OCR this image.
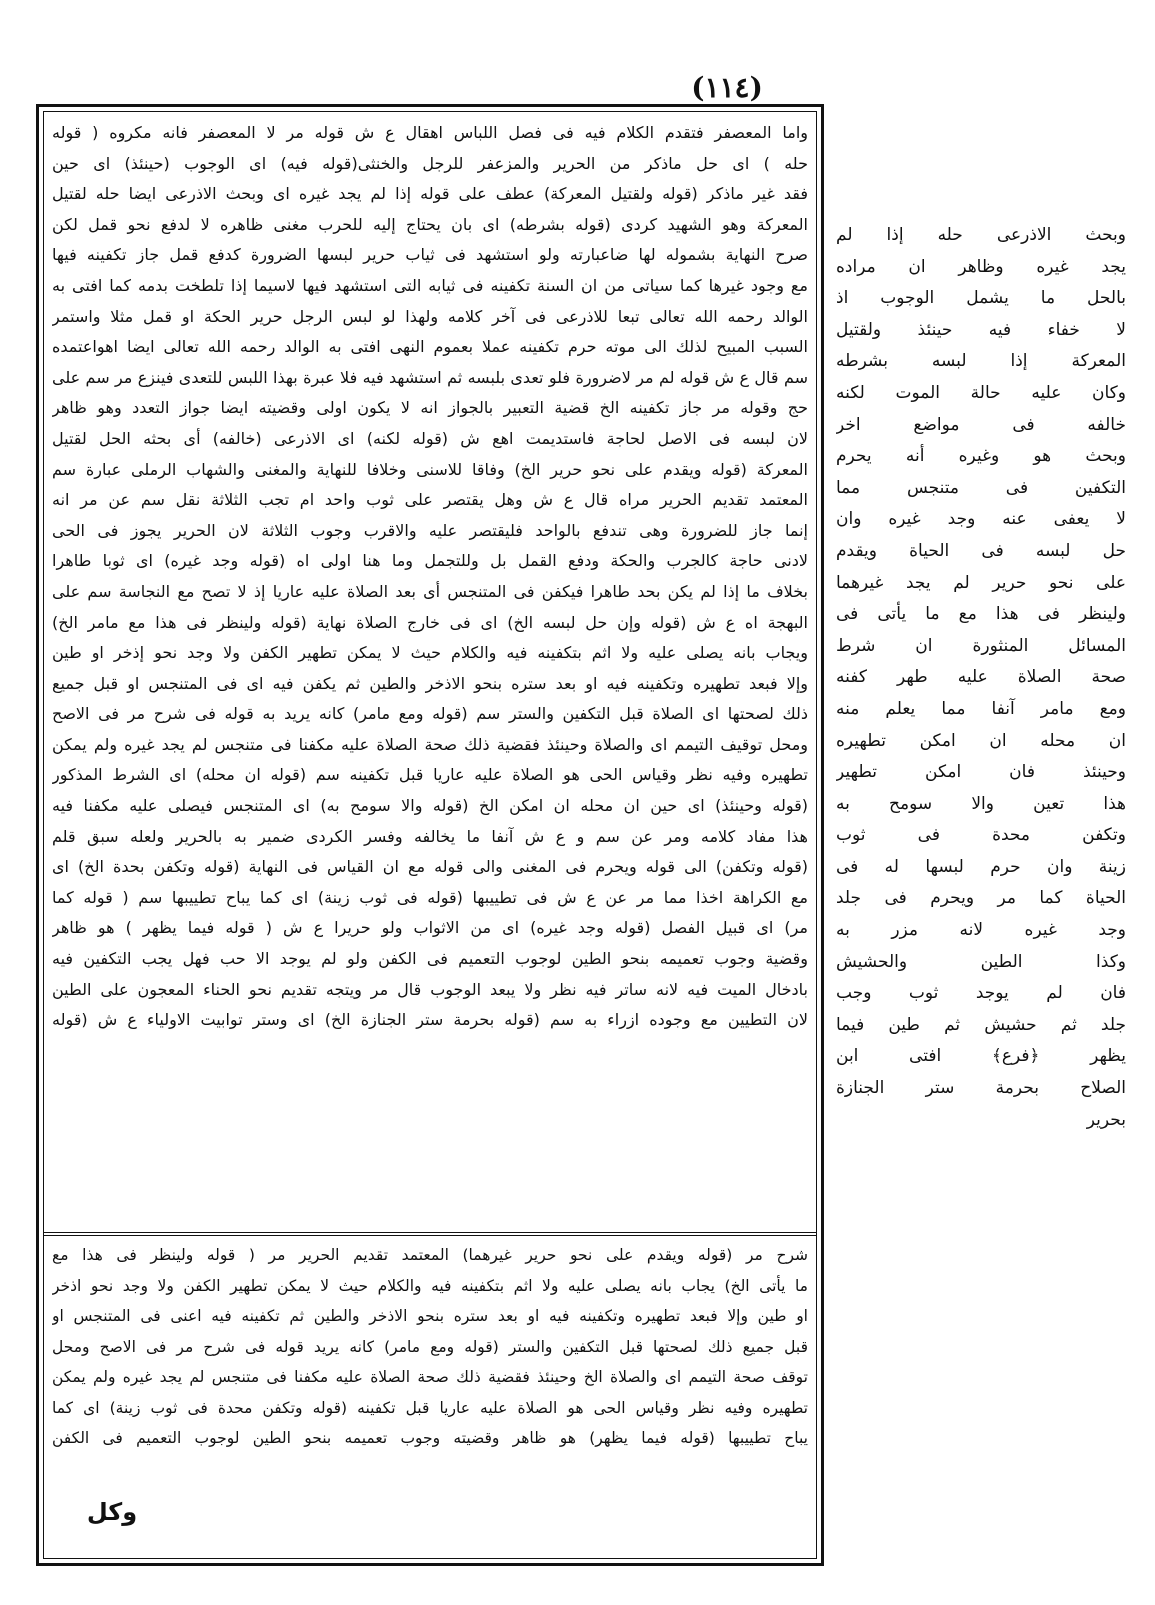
(١١٤)
واما المعصفر فتقدم الكلام فيه فى فصل اللباس اهقال ع ش قوله مر لا المعصفر فانه مكروه ( قوله
حله ) اى حل ماذكر من الحرير والمزعفر للرجل والخنثى(قوله فيه) اى الوجوب (حينئذ) اى حين
فقد غير ماذكر (قوله ولقتيل المعركة) عطف على قوله إذا لم يجد غيره اى وبحث الاذرعى ايضا حله لقتيل
المعركة وهو الشهيد كردى (قوله بشرطه) اى بان يحتاج إليه للحرب مغنى ظاهره لا لدفع نحو قمل لكن
صرح النهاية بشموله لها ضاعبارته ولو استشهد فى ثياب حرير لبسها الضرورة كدفع قمل جاز تكفينه فيها
مع وجود غيرها كما سياتى من ان السنة تكفينه فى ثيابه التى استشهد فيها لاسيما إذا تلطخت بدمه كما افتى به
الوالد رحمه الله تعالى تبعا للاذرعى فى آخر كلامه ولهذا لو لبس الرجل حرير الحكة او قمل مثلا واستمر
السبب المبيح لذلك الى موته حرم تكفينه عملا بعموم النهى افتى به الوالد رحمه الله تعالى ايضا اهواعتمده
سم قال ع ش قوله لم مر لاضرورة فلو تعدى بلبسه ثم استشهد فيه فلا عبرة بهذا اللبس للتعدى فينزع مر سم على
حج وقوله مر جاز تكفينه الخ قضية التعبير بالجواز انه لا يكون اولى وقضيته ايضا جواز التعدد وهو ظاهر
لان لبسه فى الاصل لحاجة فاستديمت اهع ش (قوله لكنه) اى الاذرعى (خالفه) أى بحثه الحل لقتيل
المعركة (قوله ويقدم على نحو حرير الخ) وفاقا للاسنى وخلافا للنهاية والمغنى والشهاب الرملى عبارة سم
المعتمد تقديم الحرير مراه قال ع ش وهل يقتصر على ثوب واحد ام تجب الثلاثة نقل سم عن مر انه
إنما جاز للضرورة وهى تندفع بالواحد فليقتصر عليه والاقرب وجوب الثلاثة لان الحرير يجوز فى الحى
لادنى حاجة كالجرب والحكة ودفع القمل بل وللتجمل وما هنا اولى اه (قوله وجد غيره) اى ثوبا طاهرا
بخلاف ما إذا لم يكن بحد طاهرا فيكفن فى المتنجس أى بعد الصلاة عليه عاريا إذ لا تصح مع النجاسة سم على
البهجة اه ع ش (قوله وإن حل لبسه الخ) اى فى خارج الصلاة نهاية (قوله ولينظر فى هذا مع مامر الخ)
ويجاب بانه يصلى عليه ولا اثم بتكفينه فيه والكلام حيث لا يمكن تطهير الكفن ولا وجد نحو إذخر او طين
وإلا فبعد تطهيره وتكفينه فيه او بعد ستره بنحو الاذخر والطين ثم يكفن فيه اى فى المتنجس او قبل جميع
ذلك لصحتها اى الصلاة قبل التكفين والستر سم (قوله ومع مامر) كانه يريد به قوله فى شرح مر فى الاصح
ومحل توقيف التيمم اى والصلاة وحينئذ فقضية ذلك صحة الصلاة عليه مكفنا فى متنجس لم يجد غيره ولم يمكن
تطهيره وفيه نظر وقياس الحى هو الصلاة عليه عاريا قبل تكفينه سم (قوله ان محله) اى الشرط المذكور
(قوله وحينئذ) اى حين ان محله ان امكن الخ (قوله والا سومح به) اى المتنجس فيصلى عليه مكفنا فيه
هذا مفاد كلامه ومر عن سم و ع ش آنفا ما يخالفه وفسر الكردى ضمير به بالحرير ولعله سبق قلم
(قوله وتكفن) الى قوله ويحرم فى المغنى والى قوله مع ان القياس فى النهاية (قوله وتكفن بحدة الخ) اى
مع الكراهة اخذا مما مر عن ع ش فى تطييبها (قوله فى ثوب زينة) اى كما يباح تطييبها سم ( قوله كما
مر) اى قبيل الفصل (قوله وجد غيره) اى من الاثواب ولو حريرا ع ش ( قوله فيما يظهر ) هو ظاهر
وقضية وجوب تعميمه بنحو الطين لوجوب التعميم فى الكفن ولو لم يوجد الا حب فهل يجب التكفين فيه
بادخال الميت فيه لانه ساتر فيه نظر ولا يبعد الوجوب قال مر ويتجه تقديم نحو الحناء المعجون على الطين
لان التطيين مع وجوده ازراء به سم (قوله بحرمة ستر الجنازة الخ) اى وستر توابيت الاولياء ع ش (قوله
شرح مر (قوله ويقدم على نحو حرير غيرهما) المعتمد تقديم الحرير مر ( قوله ولينظر فى هذا مع
ما يأتى الخ) يجاب بانه يصلى عليه ولا اثم بتكفينه فيه والكلام حيث لا يمكن تطهير الكفن ولا وجد نحو اذخر
او طين وإلا فبعد تطهيره وتكفينه فيه او بعد ستره بنحو الاذخر والطين ثم تكفينه فيه اعنى فى المتنجس او
قبل جميع ذلك لصحتها قبل التكفين والستر (قوله ومع مامر) كانه يريد قوله فى شرح مر فى الاصح ومحل
توقف صحة التيمم اى والصلاة الخ وحينئذ فقضية ذلك صحة الصلاة عليه مكفنا فى متنجس لم يجد غيره ولم يمكن
تطهيره وفيه نظر وقياس الحى هو الصلاة عليه عاريا قبل تكفينه (قوله وتكفن محدة فى ثوب زينة) اى كما
يباح تطييبها (قوله فيما يظهر) هو ظاهر وقضيته وجوب تعميمه بنحو الطين لوجوب التعميم فى الكفن
وبحث الاذرعى حله إذا لم
يجد غيره وظاهر ان مراده
بالحل ما يشمل الوجوب اذ
لا خفاء فيه حينئذ ولقتيل
المعركة إذا لبسه بشرطه
وكان عليه حالة الموت لكنه
خالفه فى مواضع اخر
وبحث هو وغيره أنه يحرم
التكفين فى متنجس مما
لا يعفى عنه وجد غيره وان
حل لبسه فى الحياة ويقدم
على نحو حرير لم يجد غيرهما
ولينظر فى هذا مع ما يأتى فى
المسائل المنثورة ان شرط
صحة الصلاة عليه طهر كفنه
ومع مامر آنفا مما يعلم منه
ان محله ان امكن تطهيره
وحينئذ فان امكن تطهير
هذا تعين والا سومح به
وتكفن محدة فى ثوب
زينة وان حرم لبسها له فى
الحياة كما مر ويحرم فى جلد
وجد غيره لانه مزر به
وكذا الطين والحشيش
فان لم يوجد ثوب وجب
جلد ثم حشيش ثم طين فيما
يظهر ﴿فرع﴾ افتى ابن
الصلاح بحرمة ستر الجنازة
بحرير
وكل
